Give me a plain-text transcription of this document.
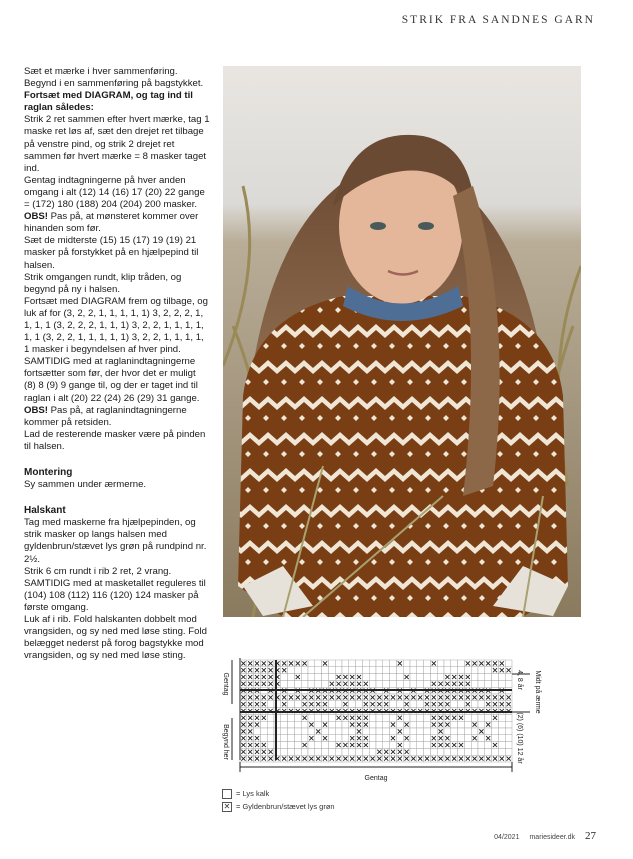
STRIK FRA SANDNES GARN

Sæt et mærke i hver sammenføring. Begynd i en sammenføring på bagstykket.

Fortsæt med DIAGRAM, og tag ind til raglan således:

Strik 2 ret sammen efter hvert mærke, tag 1 maske ret løs af, sæt den drejet ret tilbage på venstre pind, og strik 2 drejet ret sammen før hvert mærke = 8 masker taget ind.

Gentag indtagningerne på hver anden omgang i alt (12) 14 (16) 17 (20) 22 gange = (172) 180 (188) 204 (204) 200 masker.

OBS! Pas på, at mønsteret kommer over hinanden som før.

Sæt de midterste (15) 15 (17) 19 (19) 21 masker på forstykket på en hjælpepind til halsen.

Strik omgangen rundt, klip tråden, og begynd på ny i halsen.

Fortsæt med DIAGRAM frem og tilbage, og luk af for (3, 2, 2, 1, 1, 1, 1, 1) 3, 2, 2, 2, 1, 1, 1, 1 (3, 2, 2, 2, 1, 1, 1) 3, 2, 2, 1, 1, 1, 1, 1, 1 (3, 2, 2, 1, 1, 1, 1, 1) 3, 2, 2, 1, 1, 1, 1, 1 masker i begyndelsen af hver pind. SAMTIDIG med at raglanindtagningerne fortsætter som før, der hvor det er muligt (8) 8 (9) 9 gange til, og der er taget ind til raglan i alt (20) 22 (24) 26 (29) 31 gange.

OBS! Pas på, at raglanindtagningerne kommer på retsiden.

Lad de resterende masker være på pinden til halsen.

Montering

Sy sammen under ærmerne.

Halskant

Tag med maskerne fra hjælpepinden, og strik masker op langs halsen med gyldenbrun/stævet lys grøn på rundpind nr. 2½.

Strik 6 cm rundt i rib 2 ret, 2 vrang. SAMTIDIG med at masketallet reguleres til (104) 108 (112) 116 (120) 124 masker på første omgang.

Luk af i rib. Fold halskanten dobbelt mod vrangsiden, og sy ned med løse sting. Fold belægget nederst på forog bagstykke mod vrangsiden, og sy ned med løse sting.

Gentag
Begynd her
Gentag
4, 8 år
(2) (6) (10) 12 år
Midt på ærme
= Lys kalk
✕ = Gyldenbrun/stævet lys grøn
04/2021 mariesideer.dk 27
